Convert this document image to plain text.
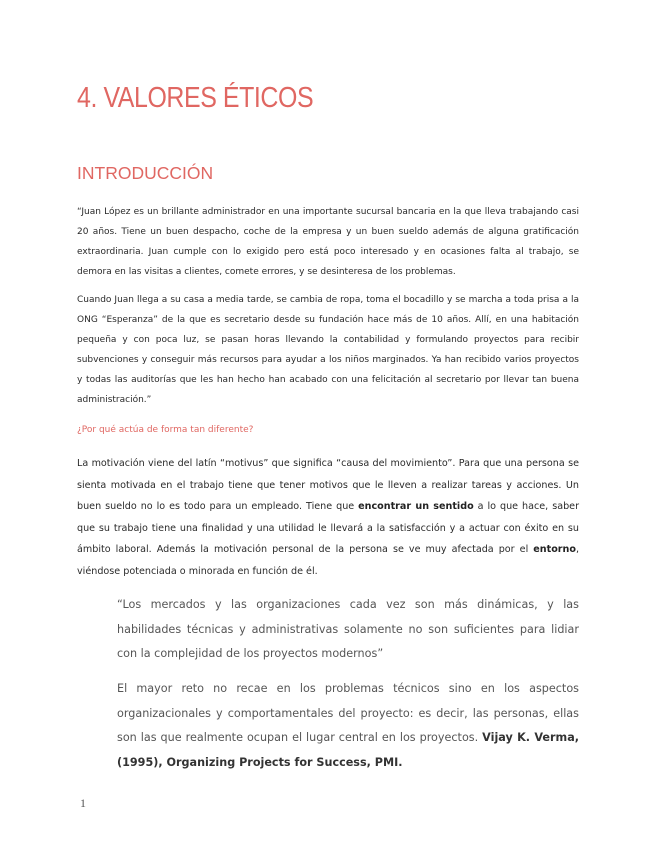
4. VALORES ÉTICOS
INTRODUCCIÓN

“Juan López es un brillante administrador en una importante sucursal bancaria en la que lleva trabajando casi 20 años. Tiene un buen despacho, coche de la empresa y un buen sueldo además de alguna gratificación extraordinaria. Juan cumple con lo exigido pero está poco interesado y en ocasiones falta al trabajo, se demora en las visitas a clientes, comete errores, y se desinteresa de los problemas.

Cuando Juan llega a su casa a media tarde, se cambia de ropa, toma el bocadillo y se marcha a toda prisa a la ONG “Esperanza” de la que es secretario desde su fundación hace más de 10 años. Allí, en una habitación pequeña y con poca luz, se pasan horas llevando la contabilidad y formulando proyectos para recibir subvenciones y conseguir más recursos para ayudar a los niños marginados. Ya han recibido varios proyectos y todas las auditorías que les han hecho han acabado con una felicitación al secretario por llevar tan buena administración.”

¿Por qué actúa de forma tan diferente?

La motivación viene del latín “motivus” que significa “causa del movimiento”. Para que una persona se sienta motivada en el trabajo tiene que tener motivos que le lleven a realizar tareas y acciones. Un buen sueldo no lo es todo para un empleado. Tiene que encontrar un sentido a lo que hace, saber que su trabajo tiene una finalidad y una utilidad le llevará a la satisfacción y a actuar con éxito en su ámbito laboral. Además la motivación personal de la persona se ve muy afectada por el entorno, viéndose potenciada o minorada en función de él.

“Los mercados y las organizaciones cada vez son más dinámicas, y las habilidades técnicas y administrativas solamente no son suficientes para lidiar con la complejidad de los proyectos modernos”

El mayor reto no recae en los problemas técnicos sino en los aspectos organizacionales y comportamentales del proyecto: es decir, las personas, ellas son las que realmente ocupan el lugar central en los proyectos. Vijay K. Verma, (1995), Organizing Projects for Success, PMI.

1
